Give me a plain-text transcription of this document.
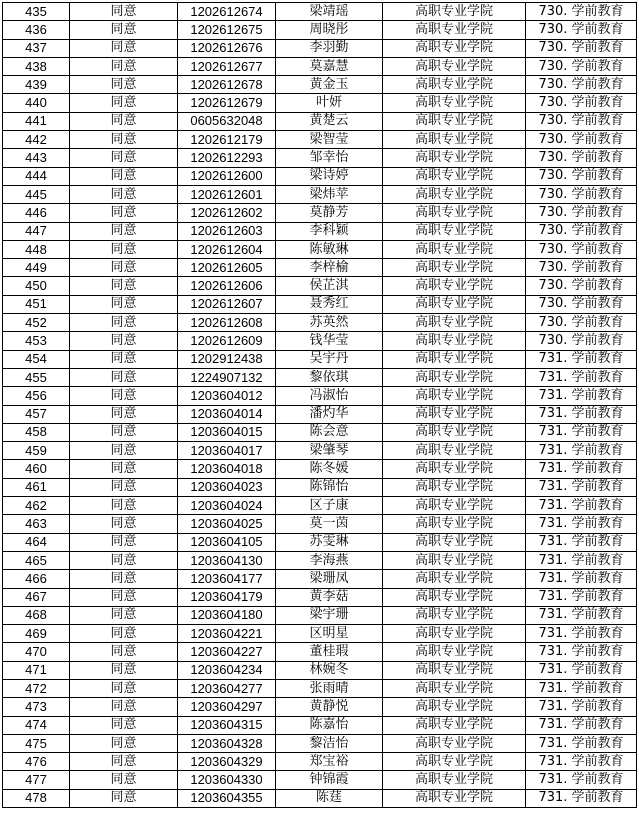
435	同意	1202612674	梁靖瑶	高职专业学院	730. 学前教育
436	同意	1202612675	周晓彤	高职专业学院	730. 学前教育
437	同意	1202612676	李羽勤	高职专业学院	730. 学前教育
438	同意	1202612677	莫嘉慧	高职专业学院	730. 学前教育
439	同意	1202612678	黄金玉	高职专业学院	730. 学前教育
440	同意	1202612679	叶妍	高职专业学院	730. 学前教育
441	同意	0605632048	黄楚云	高职专业学院	730. 学前教育
442	同意	1202612179	梁智莹	高职专业学院	730. 学前教育
443	同意	1202612293	邹幸怡	高职专业学院	730. 学前教育
444	同意	1202612600	梁诗婷	高职专业学院	730. 学前教育
445	同意	1202612601	梁炜苹	高职专业学院	730. 学前教育
446	同意	1202612602	莫静芳	高职专业学院	730. 学前教育
447	同意	1202612603	李科颖	高职专业学院	730. 学前教育
448	同意	1202612604	陈敏琳	高职专业学院	730. 学前教育
449	同意	1202612605	李梓榆	高职专业学院	730. 学前教育
450	同意	1202612606	侯芷淇	高职专业学院	730. 学前教育
451	同意	1202612607	聂秀红	高职专业学院	730. 学前教育
452	同意	1202612608	苏英然	高职专业学院	730. 学前教育
453	同意	1202612609	钱华莹	高职专业学院	730. 学前教育
454	同意	1202912438	吴宇丹	高职专业学院	731. 学前教育
455	同意	1224907132	黎依琪	高职专业学院	731. 学前教育
456	同意	1203604012	冯淑怡	高职专业学院	731. 学前教育
457	同意	1203604014	潘灼华	高职专业学院	731. 学前教育
458	同意	1203604015	陈会意	高职专业学院	731. 学前教育
459	同意	1203604017	梁肇琴	高职专业学院	731. 学前教育
460	同意	1203604018	陈冬媛	高职专业学院	731. 学前教育
461	同意	1203604023	陈锦怡	高职专业学院	731. 学前教育
462	同意	1203604024	区子康	高职专业学院	731. 学前教育
463	同意	1203604025	莫一茵	高职专业学院	731. 学前教育
464	同意	1203604105	苏雯琳	高职专业学院	731. 学前教育
465	同意	1203604130	李海燕	高职专业学院	731. 学前教育
466	同意	1203604177	梁珊凤	高职专业学院	731. 学前教育
467	同意	1203604179	黄李菇	高职专业学院	731. 学前教育
468	同意	1203604180	梁宇珊	高职专业学院	731. 学前教育
469	同意	1203604221	区明星	高职专业学院	731. 学前教育
470	同意	1203604227	董桂瑕	高职专业学院	731. 学前教育
471	同意	1203604234	林婉冬	高职专业学院	731. 学前教育
472	同意	1203604277	张雨晴	高职专业学院	731. 学前教育
473	同意	1203604297	黄静悦	高职专业学院	731. 学前教育
474	同意	1203604315	陈嘉怡	高职专业学院	731. 学前教育
475	同意	1203604328	黎洁怡	高职专业学院	731. 学前教育
476	同意	1203604329	郑宝裕	高职专业学院	731. 学前教育
477	同意	1203604330	钟锦霞	高职专业学院	731. 学前教育
478	同意	1203604355	陈莛	高职专业学院	731. 学前教育
